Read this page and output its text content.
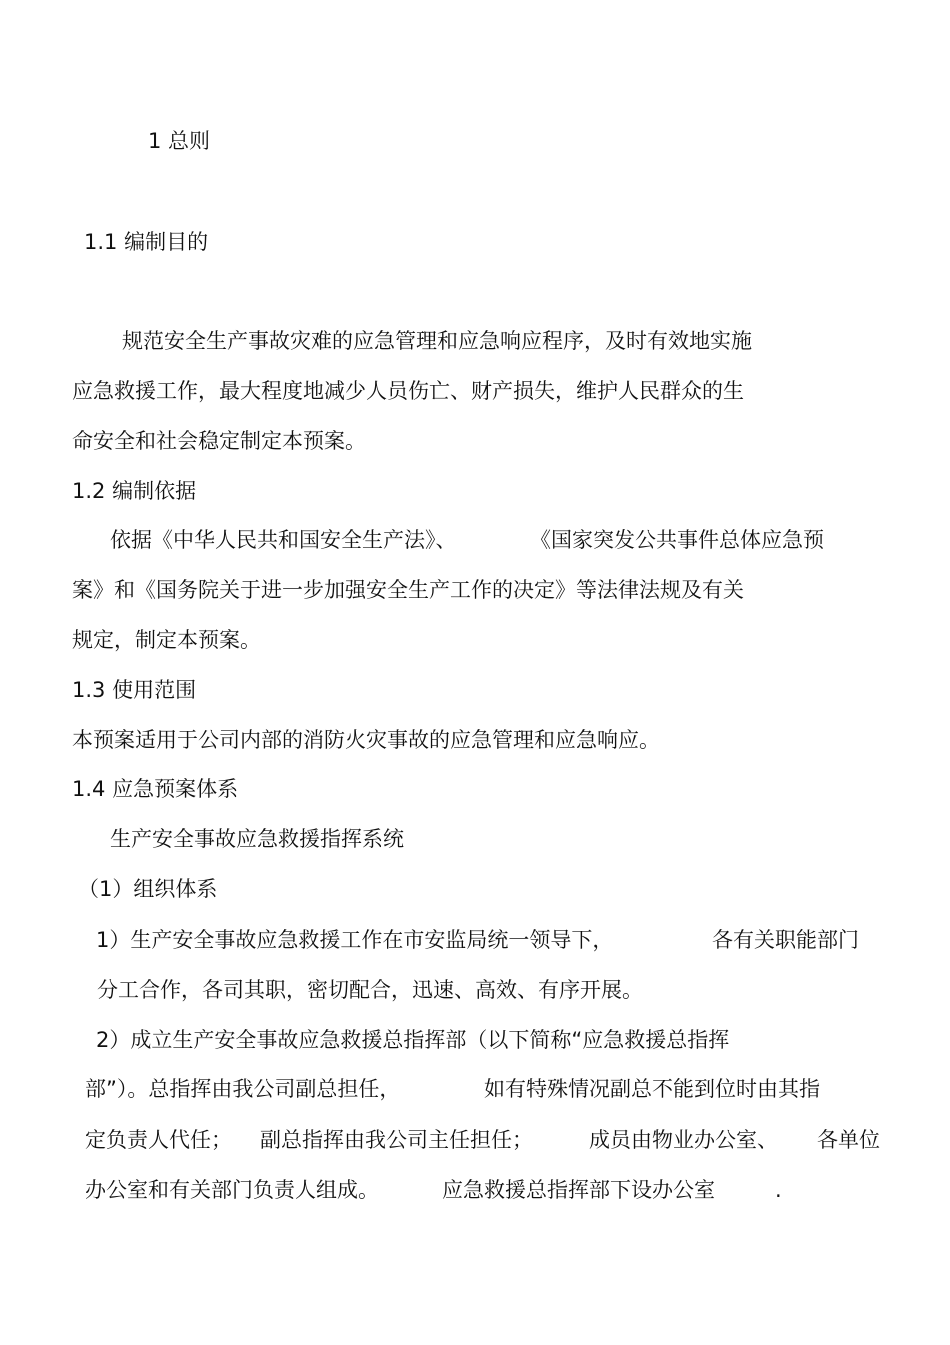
1 总则
1.1 编制目的
规范安全生产事故灾难的应急管理和应急响应程序，及时有效地实施
应急救援工作，最大程度地减少人员伤亡、财产损失，维护人民群众的生
命安全和社会稳定制定本预案。
1.2 编制依据
依据《中华人民共和国安全生产法》、	《国家突发公共事件总体应急预
案》和《国务院关于进一步加强安全生产工作的决定》等法律法规及有关
规定，制定本预案。
1.3 使用范围
本预案适用于公司内部的消防火灾事故的应急管理和应急响应。
1.4 应急预案体系
生产安全事故应急救援指挥系统
（1）组织体系
1）生产安全事故应急救援工作在市安监局统一领导下，	各有关职能部门
分工合作，各司其职，密切配合，迅速、高效、有序开展。
2）成立生产安全事故应急救援总指挥部（以下简称“应急救援总指挥
部”）。总指挥由我公司副总担任，	如有特殊情况副总不能到位时由其指
定负责人代任； 副总指挥由我公司主任担任；	成员由物业办公室、 各单位
办公室和有关部门负责人组成。	应急救援总指挥部下设办公室	.
